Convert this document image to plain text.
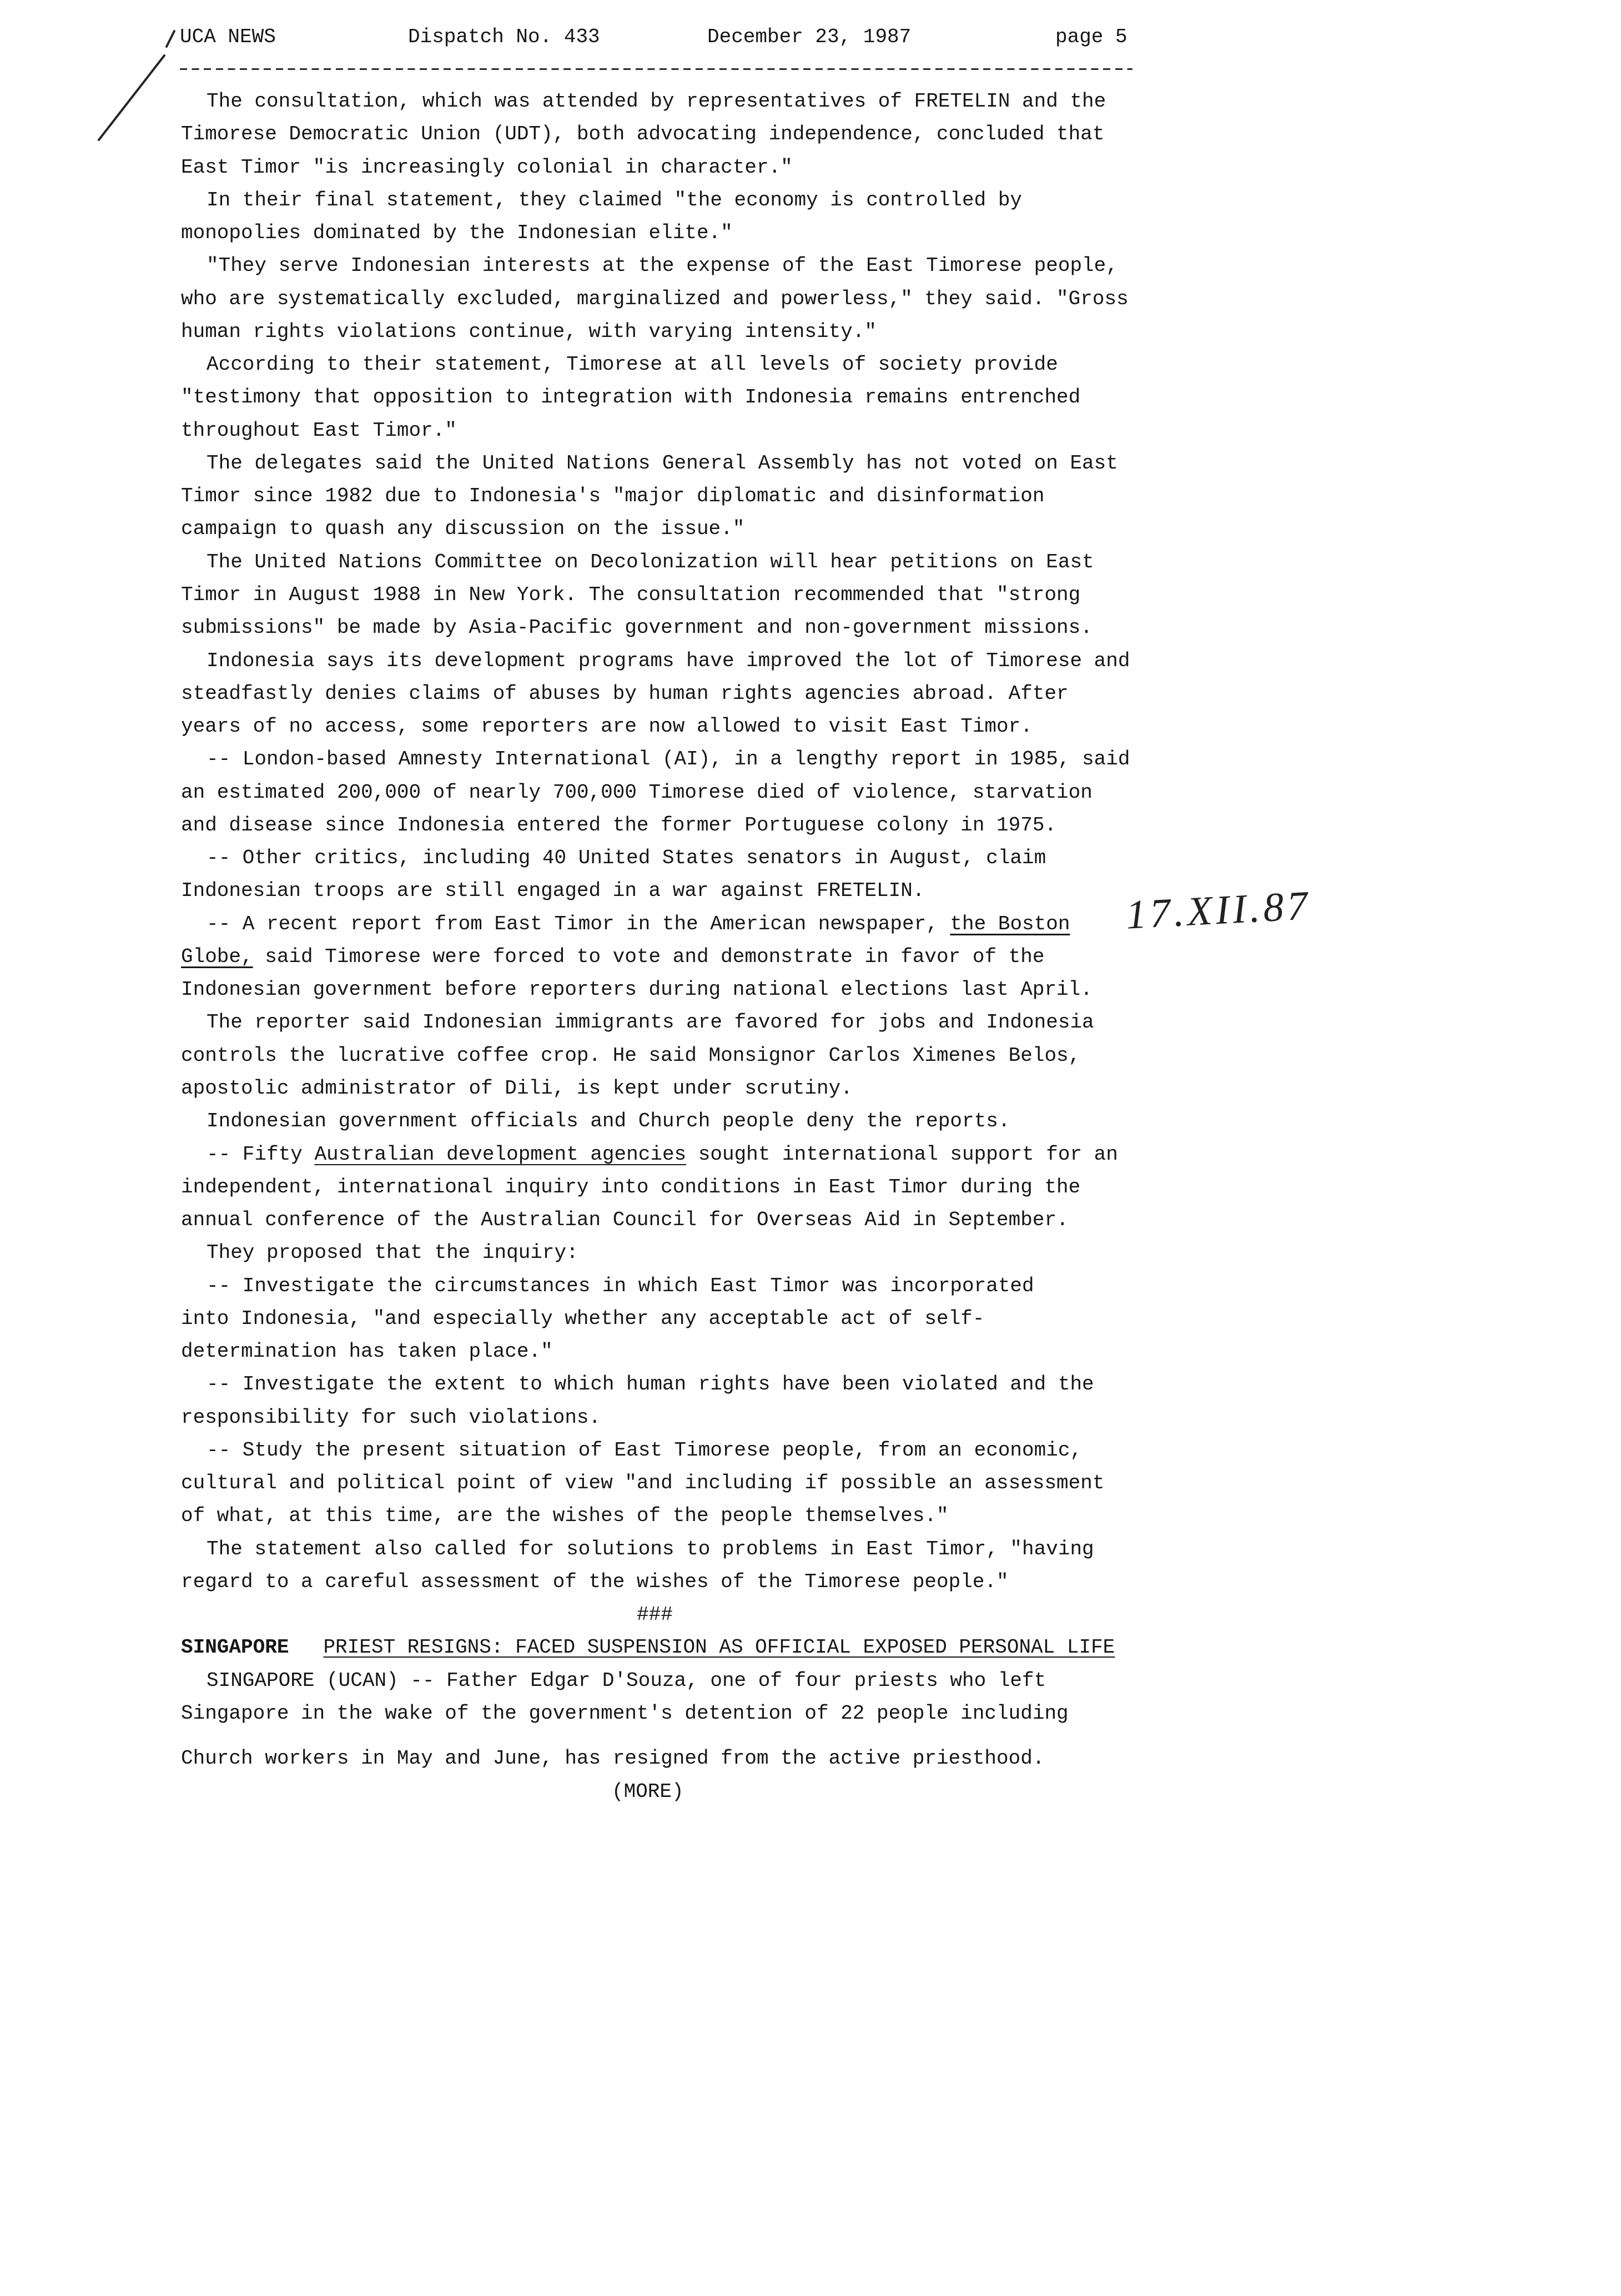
UCA NEWS	Dispatch No. 433	December 23, 1987	page 5
17.XII.87
The consultation, which was attended by representatives of FRETELIN and the
Timorese Democratic Union (UDT), both advocating independence, concluded that
East Timor "is increasingly colonial in character."
In their final statement, they claimed "the economy is controlled by
monopolies dominated by the Indonesian elite."
"They serve Indonesian interests at the expense of the East Timorese people,
who are systematically excluded, marginalized and powerless," they said. "Gross
human rights violations continue, with varying intensity."
According to their statement, Timorese at all levels of society provide
"testimony that opposition to integration with Indonesia remains entrenched
throughout East Timor."
The delegates said the United Nations General Assembly has not voted on East
Timor since 1982 due to Indonesia's "major diplomatic and disinformation
campaign to quash any discussion on the issue."
The United Nations Committee on Decolonization will hear petitions on East
Timor in August 1988 in New York. The consultation recommended that "strong
submissions" be made by Asia-Pacific government and non-government missions.
Indonesia says its development programs have improved the lot of Timorese and
steadfastly denies claims of abuses by human rights agencies abroad. After
years of no access, some reporters are now allowed to visit East Timor.
-- London-based Amnesty International (AI), in a lengthy report in 1985, said
an estimated 200,000 of nearly 700,000 Timorese died of violence, starvation
and disease since Indonesia entered the former Portuguese colony in 1975.
-- Other critics, including 40 United States senators in August, claim
Indonesian troops are still engaged in a war against FRETELIN.
-- A recent report from East Timor in the American newspaper, the Boston
Globe, said Timorese were forced to vote and demonstrate in favor of the
Indonesian government before reporters during national elections last April.
The reporter said Indonesian immigrants are favored for jobs and Indonesia
controls the lucrative coffee crop. He said Monsignor Carlos Ximenes Belos,
apostolic administrator of Dili, is kept under scrutiny.
Indonesian government officials and Church people deny the reports.
-- Fifty Australian development agencies sought international support for an
independent, international inquiry into conditions in East Timor during the
annual conference of the Australian Council for Overseas Aid in September.
They proposed that the inquiry:
-- Investigate the circumstances in which East Timor was incorporated
into Indonesia, "and especially whether any acceptable act of self-
determination has taken place."
-- Investigate the extent to which human rights have been violated and the
responsibility for such violations.
-- Study the present situation of East Timorese people, from an economic,
cultural and political point of view "and including if possible an assessment
of what, at this time, are the wishes of the people themselves."
The statement also called for solutions to problems in East Timor, "having
regard to a careful assessment of the wishes of the Timorese people."
###
SINGAPORE PRIEST RESIGNS: FACED SUSPENSION AS OFFICIAL EXPOSED PERSONAL LIFE
SINGAPORE (UCAN) -- Father Edgar D'Souza, one of four priests who left
Singapore in the wake of the government's detention of 22 people including
Church workers in May and June, has resigned from the active priesthood.
(MORE)
